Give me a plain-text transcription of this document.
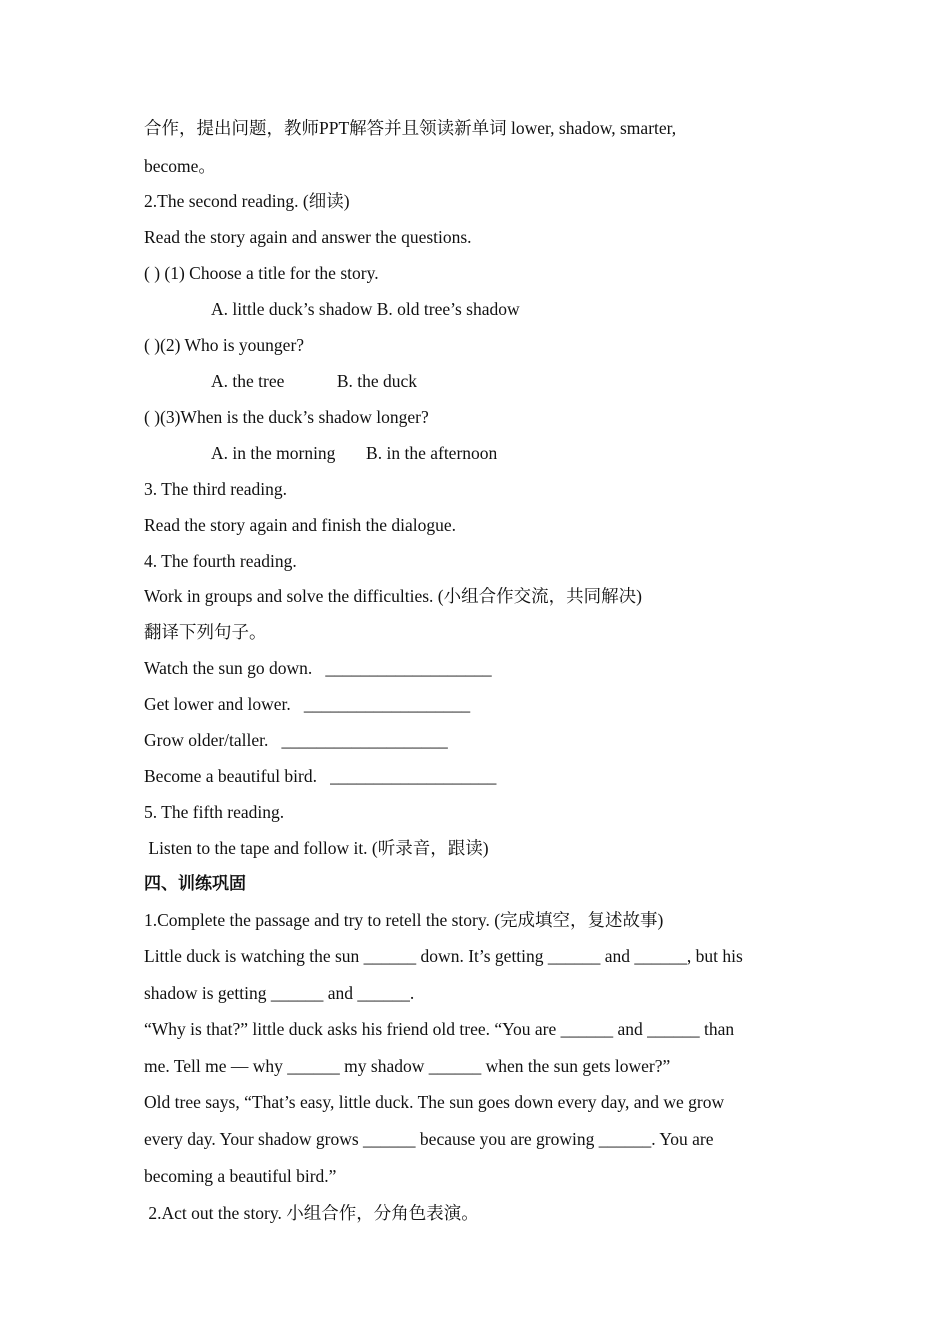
合作，提出问题，教师PPT解答并且领读新单词 lower, shadow, smarter,
become。
2.The second reading. (细读)
Read the story again and answer the questions.
( ) (1) Choose a title for the story.
A. little duck’s shadow B. old tree’s shadow
( )(2) Who is younger?
A. the tree            B. the duck
( )(3)When is the duck’s shadow longer?
A. in the morning       B. in the afternoon
3. The third reading.
Read the story again and finish the dialogue.
4. The fourth reading.
Work in groups and solve the difficulties. (小组合作交流，共同解决)
翻译下列句子。
Watch the sun go down.   ___________________
Get lower and lower.   ___________________
Grow older/taller.   ___________________
Become a beautiful bird.   ___________________
5. The fifth reading.
Listen to the tape and follow it. (听录音，跟读)
四、训练巩固
1.Complete the passage and try to retell the story. (完成填空，复述故事)
Little duck is watching the sun ______ down. It’s getting ______ and ______, but his
shadow is getting ______ and ______.
“Why is that?” little duck asks his friend old tree. “You are ______ and ______ than
me. Tell me — why ______ my shadow ______ when the sun gets lower?”
Old tree says, “That’s easy, little duck. The sun goes down every day, and we grow
every day. Your shadow grows ______ because you are growing ______. You are
becoming a beautiful bird.”
2.Act out the story. 小组合作，分角色表演。
